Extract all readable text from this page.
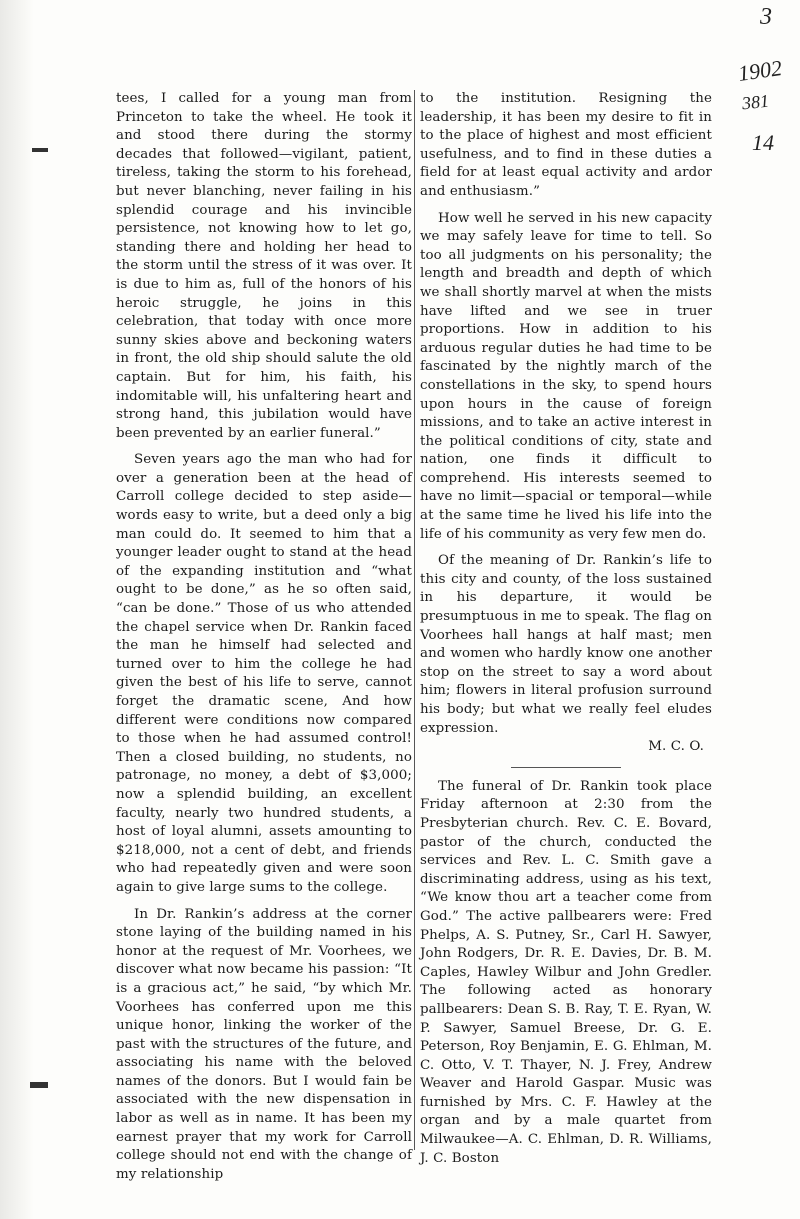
3
1902
381
14

tees, I called for a young man from Princeton to take the wheel. He took it and stood there during the stormy decades that followed—vigilant, patient, tireless, taking the storm to his forehead, but never blanching, never failing in his splendid courage and his invincible persistence, not knowing how to let go, standing there and holding her head to the storm until the stress of it was over. It is due to him as, full of the honors of his heroic struggle, he joins in this celebration, that today with once more sunny skies above and beckoning waters in front, the old ship should salute the old captain. But for him, his faith, his indomitable will, his unfaltering heart and strong hand, this jubilation would have been prevented by an earlier funeral.”

Seven years ago the man who had for over a generation been at the head of Carroll college decided to step aside—words easy to write, but a deed only a big man could do. It seemed to him that a younger leader ought to stand at the head of the expanding institution and “what ought to be done,” as he so often said, “can be done.” Those of us who attended the chapel service when Dr. Rankin faced the man he himself had selected and turned over to him the college he had given the best of his life to serve, cannot forget the dramatic scene, And how different were conditions now compared to those when he had assumed control! Then a closed building, no students, no patronage, no money, a debt of $3,000; now a splendid building, an excellent faculty, nearly two hundred students, a host of loyal alumni, assets amounting to $218,000, not a cent of debt, and friends who had repeatedly given and were soon again to give large sums to the college.

In Dr. Rankin’s address at the corner stone laying of the building named in his honor at the request of Mr. Voorhees, we discover what now became his passion: “It is a gracious act,” he said, “by which Mr. Voorhees has conferred upon me this unique honor, linking the worker of the past with the structures of the future, and associating his name with the beloved names of the donors. But I would fain be associated with the new dispensation in labor as well as in name. It has been my earnest prayer that my work for Carroll college should not end with the change of my relationship

to the institution. Resigning the leadership, it has been my desire to fit in to the place of highest and most efficient usefulness, and to find in these duties a field for at least equal activity and ardor and enthusiasm.”

How well he served in his new capacity we may safely leave for time to tell. So too all judgments on his personality; the length and breadth and depth of which we shall shortly marvel at when the mists have lifted and we see in truer proportions. How in addition to his arduous regular duties he had time to be fascinated by the nightly march of the constellations in the sky, to spend hours upon hours in the cause of foreign missions, and to take an active interest in the political conditions of city, state and nation, one finds it difficult to comprehend. His interests seemed to have no limit—spacial or temporal—while at the same time he lived his life into the life of his community as very few men do.

Of the meaning of Dr. Rankin’s life to this city and county, of the loss sustained in his departure, it would be presumptuous in me to speak. The flag on Voorhees hall hangs at half mast; men and women who hardly know one another stop on the street to say a word about him; flowers in literal profusion surround his body; but what we really feel eludes expression.

M. C. O.

The funeral of Dr. Rankin took place Friday afternoon at 2:30 from the Presbyterian church. Rev. C. E. Bovard, pastor of the church, conducted the services and Rev. L. C. Smith gave a discriminating address, using as his text, “We know thou art a teacher come from God.” The active pallbearers were: Fred Phelps, A. S. Putney, Sr., Carl H. Sawyer, John Rodgers, Dr. R. E. Davies, Dr. B. M. Caples, Hawley Wilbur and John Gredler. The following acted as honorary pallbearers: Dean S. B. Ray, T. E. Ryan, W. P. Sawyer, Samuel Breese, Dr. G. E. Peterson, Roy Benjamin, E. G. Ehlman, M. C. Otto, V. T. Thayer, N. J. Frey, Andrew Weaver and Harold Gaspar. Music was furnished by Mrs. C. F. Hawley at the organ and by a male quartet from Milwaukee—A. C. Ehlman, D. R. Williams, J. C. Boston
